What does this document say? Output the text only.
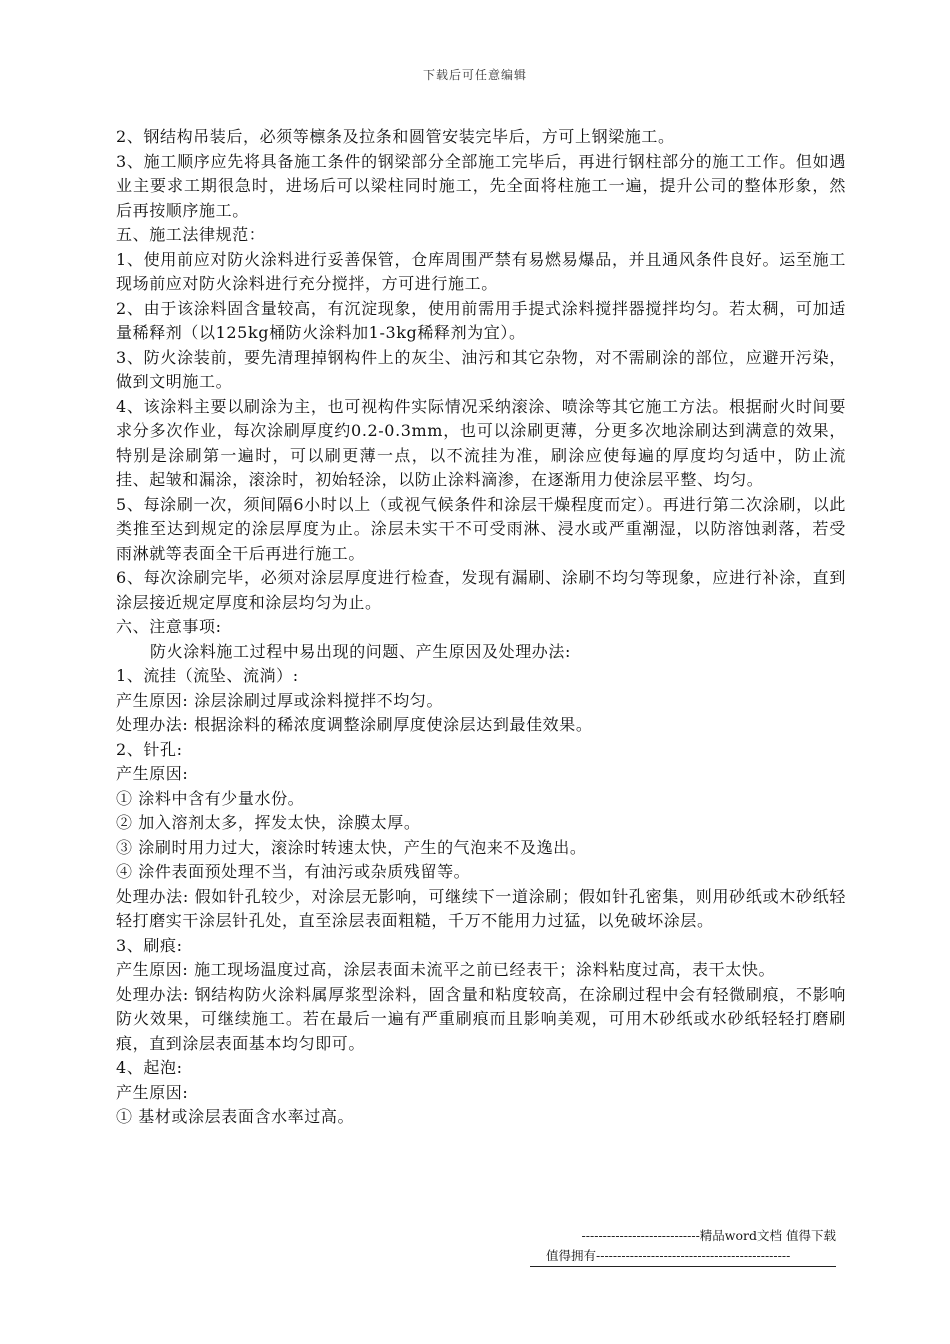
下载后可任意编辑

2、钢结构吊装后，必须等檩条及拉条和圆管安装完毕后，方可上钢梁施工。

3、施工顺序应先将具备施工条件的钢梁部分全部施工完毕后，再进行钢柱部分的施工工作。但如遇业主要求工期很急时，进场后可以梁柱同时施工，先全面将柱施工一遍，提升公司的整体形象，然后再按顺序施工。

五、施工法律规范：

1、使用前应对防火涂料进行妥善保管，仓库周围严禁有易燃易爆品，并且通风条件良好。运至施工现场前应对防火涂料进行充分搅拌，方可进行施工。

2、由于该涂料固含量较高，有沉淀现象，使用前需用手提式涂料搅拌器搅拌均匀。若太稠，可加适量稀释剂（以125kg桶防火涂料加1-3kg稀释剂为宜）。

3、防火涂装前，要先清理掉钢构件上的灰尘、油污和其它杂物，对不需刷涂的部位，应避开污染，做到文明施工。

4、该涂料主要以刷涂为主，也可视构件实际情况采纳滚涂、喷涂等其它施工方法。根据耐火时间要求分多次作业，每次涂刷厚度约0.2-0.3mm，也可以涂刷更薄，分更多次地涂刷达到满意的效果，特别是涂刷第一遍时，可以刷更薄一点，以不流挂为准，刷涂应使每遍的厚度均匀适中，防止流挂、起皱和漏涂，滚涂时，初始轻涂，以防止涂料滴渗，在逐渐用力使涂层平整、均匀。

5、每涂刷一次，须间隔6小时以上（或视气候条件和涂层干燥程度而定）。再进行第二次涂刷，以此类推至达到规定的涂层厚度为止。涂层未实干不可受雨淋、浸水或严重潮湿，以防溶蚀剥落，若受雨淋就等表面全干后再进行施工。

6、每次涂刷完毕，必须对涂层厚度进行检查，发现有漏刷、涂刷不均匀等现象，应进行补涂，直到涂层接近规定厚度和涂层均匀为止。

六、注意事项:

防火涂料施工过程中易出现的问题、产生原因及处理办法:

1、流挂（流坠、流淌）:

产生原因: 涂层涂刷过厚或涂料搅拌不均匀。

处理办法: 根据涂料的稀浓度调整涂刷厚度使涂层达到最佳效果。

2、针孔:

产生原因:

① 涂料中含有少量水份。

② 加入溶剂太多，挥发太快，涂膜太厚。

③ 涂刷时用力过大，滚涂时转速太快，产生的气泡来不及逸出。

④ 涂件表面预处理不当，有油污或杂质残留等。

处理办法: 假如针孔较少，对涂层无影响，可继续下一道涂刷；假如针孔密集，则用砂纸或木砂纸轻轻打磨实干涂层针孔处，直至涂层表面粗糙，千万不能用力过猛，以免破坏涂层。

3、刷痕:

产生原因: 施工现场温度过高，涂层表面未流平之前已经表干；涂料粘度过高，表干太快。

处理办法: 钢结构防火涂料属厚浆型涂料，固含量和粘度较高，在涂刷过程中会有轻微刷痕，不影响防火效果，可继续施工。若在最后一遍有严重刷痕而且影响美观，可用木砂纸或水砂纸轻轻打磨刷痕，直到涂层表面基本均匀即可。

4、起泡:

产生原因:

① 基材或涂层表面含水率过高。

----------------------------精品word文档 值得下载
值得拥有----------------------------------------------
